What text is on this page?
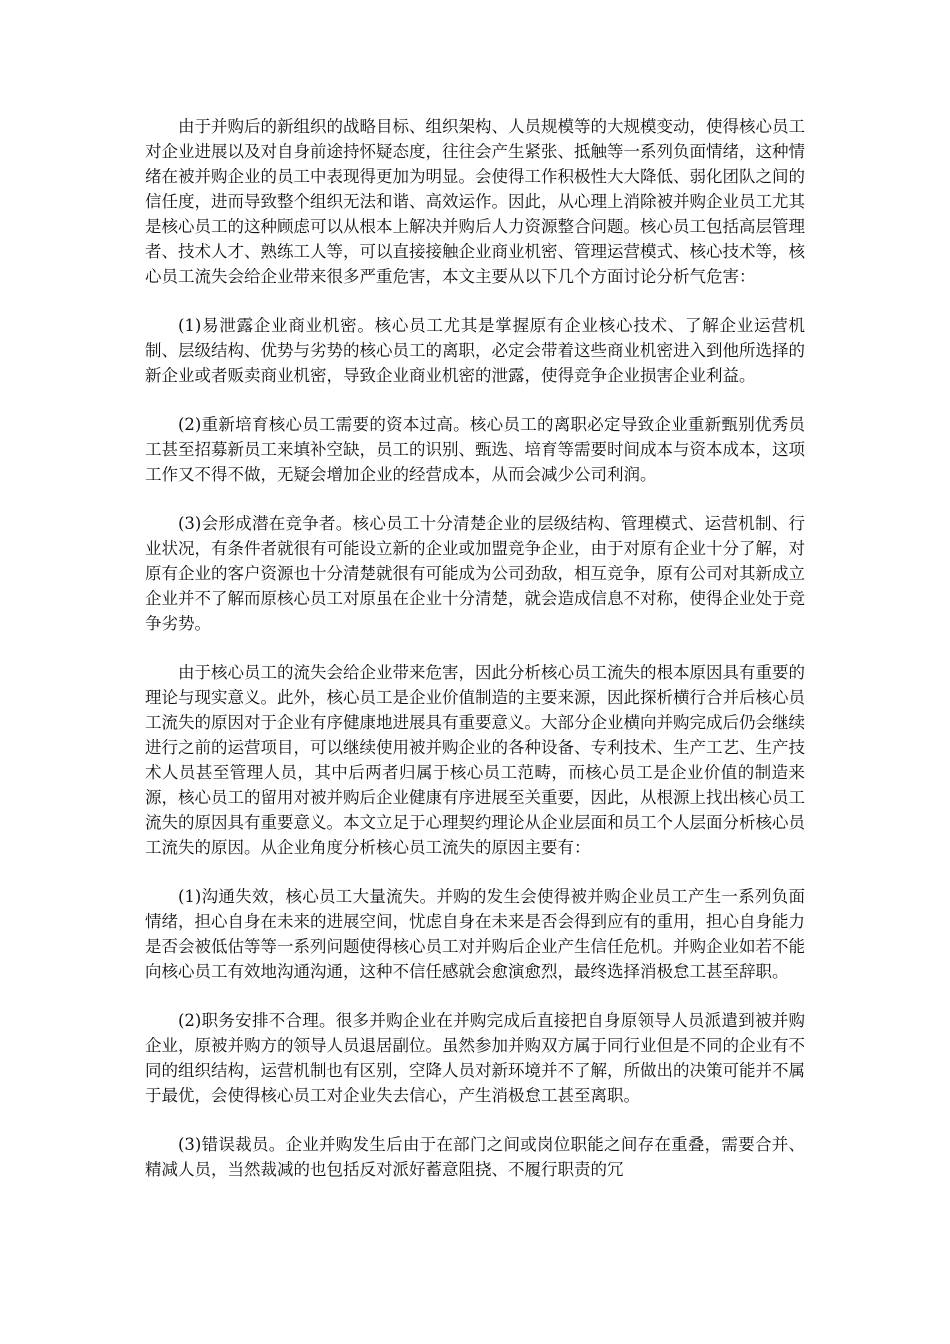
由于并购后的新组织的战略目标、组织架构、人员规模等的大规模变动，使得核心员工对企业进展以及对自身前途持怀疑态度，往往会产生紧张、抵触等一系列负面情绪，这种情绪在被并购企业的员工中表现得更加为明显。会使得工作积极性大大降低、弱化团队之间的信任度，进而导致整个组织无法和谐、高效运作。因此，从心理上消除被并购企业员工尤其是核心员工的这种顾虑可以从根本上解决并购后人力资源整合问题。核心员工包括高层管理者、技术人才、熟练工人等，可以直接接触企业商业机密、管理运营模式、核心技术等，核心员工流失会给企业带来很多严重危害，本文主要从以下几个方面讨论分析气危害：

(1)易泄露企业商业机密。核心员工尤其是掌握原有企业核心技术、了解企业运营机制、层级结构、优势与劣势的核心员工的离职，必定会带着这些商业机密进入到他所选择的新企业或者贩卖商业机密，导致企业商业机密的泄露，使得竞争企业损害企业利益。

(2)重新培育核心员工需要的资本过高。核心员工的离职必定导致企业重新甄别优秀员工甚至招募新员工来填补空缺，员工的识别、甄选、培育等需要时间成本与资本成本，这项工作又不得不做，无疑会增加企业的经营成本，从而会减少公司利润。

(3)会形成潜在竞争者。核心员工十分清楚企业的层级结构、管理模式、运营机制、行业状况，有条件者就很有可能设立新的企业或加盟竞争企业，由于对原有企业十分了解，对原有企业的客户资源也十分清楚就很有可能成为公司劲敌，相互竞争，原有公司对其新成立企业并不了解而原核心员工对原虽在企业十分清楚，就会造成信息不对称，使得企业处于竞争劣势。

由于核心员工的流失会给企业带来危害，因此分析核心员工流失的根本原因具有重要的理论与现实意义。此外，核心员工是企业价值制造的主要来源，因此探析横行合并后核心员工流失的原因对于企业有序健康地进展具有重要意义。大部分企业横向并购完成后仍会继续进行之前的运营项目，可以继续使用被并购企业的各种设备、专利技术、生产工艺、生产技术人员甚至管理人员，其中后两者归属于核心员工范畴，而核心员工是企业价值的制造来源，核心员工的留用对被并购后企业健康有序进展至关重要，因此，从根源上找出核心员工流失的原因具有重要意义。本文立足于心理契约理论从企业层面和员工个人层面分析核心员工流失的原因。从企业角度分析核心员工流失的原因主要有：

(1)沟通失效，核心员工大量流失。并购的发生会使得被并购企业员工产生一系列负面情绪，担心自身在未来的进展空间，忧虑自身在未来是否会得到应有的重用，担心自身能力是否会被低估等等一系列问题使得核心员工对并购后企业产生信任危机。并购企业如若不能向核心员工有效地沟通沟通，这种不信任感就会愈演愈烈，最终选择消极怠工甚至辞职。

(2)职务安排不合理。很多并购企业在并购完成后直接把自身原领导人员派遣到被并购企业，原被并购方的领导人员退居副位。虽然参加并购双方属于同行业但是不同的企业有不同的组织结构，运营机制也有区别，空降人员对新环境并不了解，所做出的决策可能并不属于最优，会使得核心员工对企业失去信心，产生消极怠工甚至离职。

(3)错误裁员。企业并购发生后由于在部门之间或岗位职能之间存在重叠，需要合并、精减人员，当然裁减的也包括反对派好蓄意阻挠、不履行职责的冗
